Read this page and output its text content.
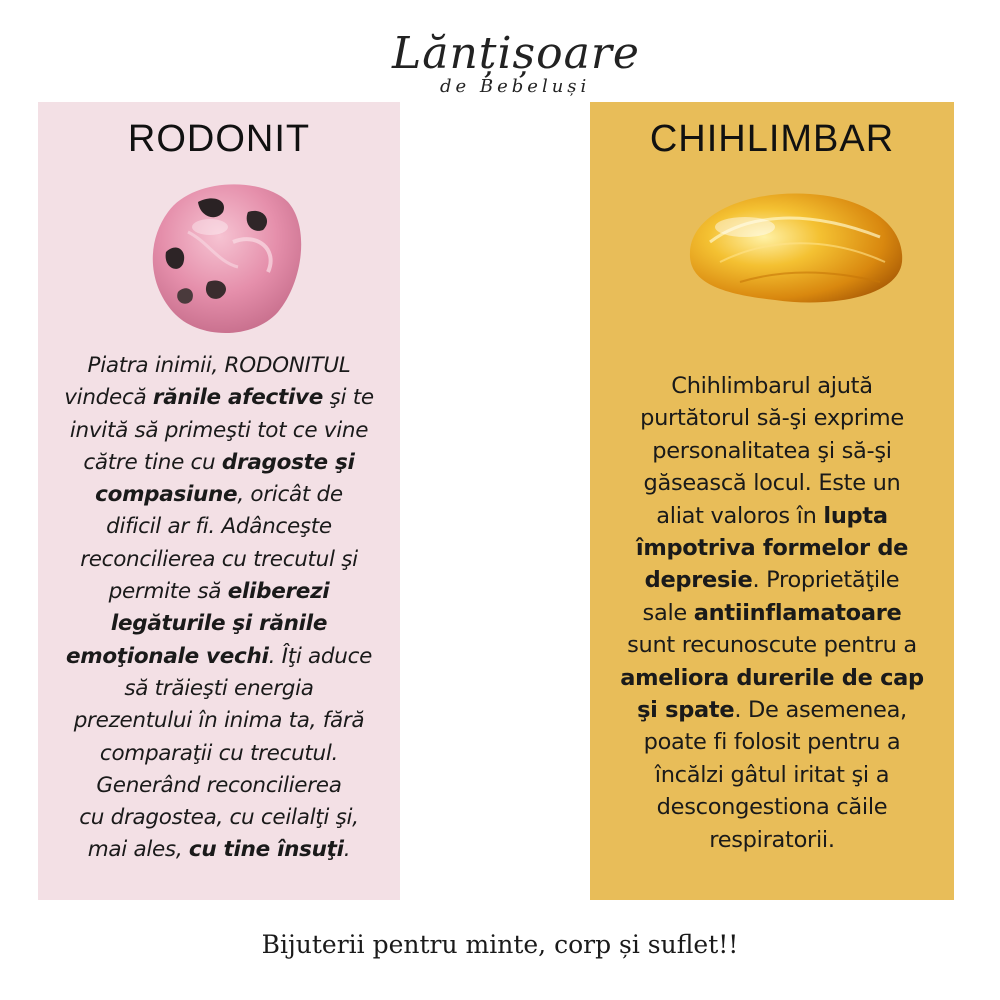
Lănțișoare
de Bebeluși
RODONIT
Piatra inimii, RODONITUL
vindecă rănile afective şi te
invită să primeşti tot ce vine
către tine cu dragoste şi
compasiune, oricât de
dificil ar fi. Adânceşte
reconcilierea cu trecutul şi
permite să eliberezi
legăturile şi rănile
emoţionale vechi. Îţi aduce
să trăieşti energia
prezentului în inima ta, fără
comparaţii cu trecutul.
Generând reconcilierea
cu dragostea, cu ceilalţi şi,
mai ales, cu tine însuţi.
CHIHLIMBAR
Chihlimbarul ajută
purtătorul să-şi exprime
personalitatea şi să-şi
găsească locul. Este un
aliat valoros în lupta
împotriva formelor de
depresie. Proprietăţile
sale antiinflamatoare
sunt recunoscute pentru a
ameliora durerile de cap
şi spate. De asemenea,
poate fi folosit pentru a
încălzi gâtul iritat şi a
descongestiona căile
respiratorii.
Bijuterii pentru minte, corp și suflet!!
